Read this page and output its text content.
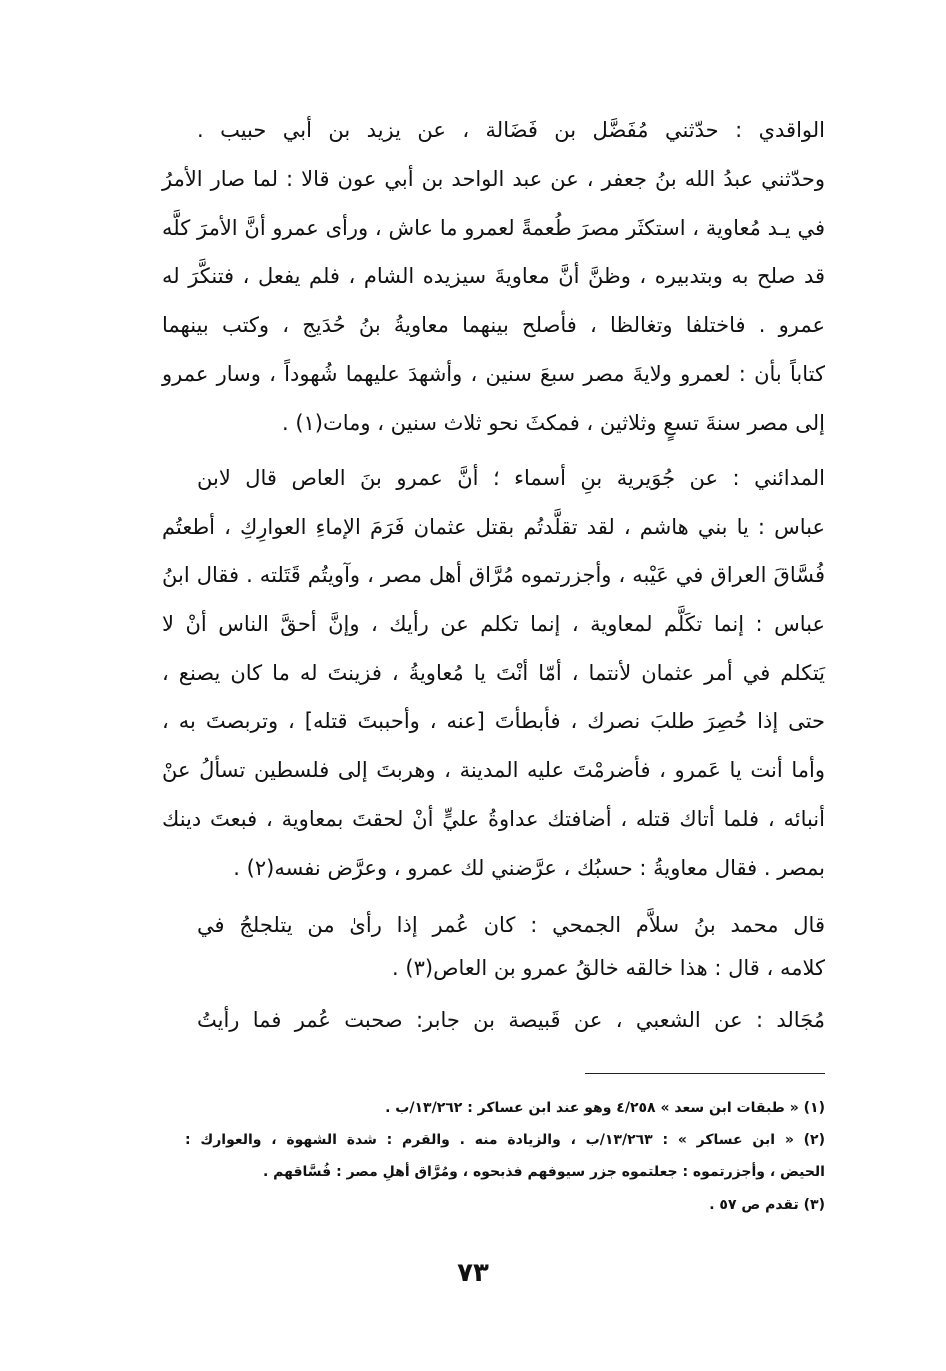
الواقدي : حدّثني مُفَضَّل بن فَضَالة ، عن يزيد بن أبي حبيب .
وحدّثني عبدُ الله بنُ جعفر ، عن عبد الواحد بن أبي عون قالا : لما صار الأمرُ
في يـد مُعاوية ، استكثَر مصرَ طُعمةً لعمرو ما عاش ، ورأى عمرو أنَّ الأمرَ كلَّه
قد صلح به وبتدبيره ، وظنَّ أنَّ معاويةَ سيزيده الشام ، فلم يفعل ، فتنكَّرَ له
عمرو . فاختلفا وتغالظا ، فأصلح بينهما معاويةُ بنُ حُدَيج ، وكتب بينهما
كتاباً بأن : لعمرو ولايةَ مصر سبعَ سنين ، وأشهدَ عليهما شُهوداً ، وسار عمرو
إلى مصر سنةَ تسعٍ وثلاثين ، فمكثَ نحو ثلاث سنين ، ومات(١) .
المدائني : عن جُوَيرية بنِ أسماء ؛ أنَّ عمرو بنَ العاص قال لابن
عباس : يا بني هاشم ، لقد تقلَّدتُم بقتل عثمان فَرَمَ الإماءِ العوارِكِ ، أطعتُم
فُسَّاقَ العراق في عَيْبه ، وأجزرتموه مُرَّاق أهل مصر ، وآويتُم قَتَلته . فقال ابنُ
عباس : إنما تكَلَّم لمعاوية ، إنما تكلم عن رأيك ، وإنَّ أحقَّ الناس أنْ لا
يَتكلم في أمر عثمان لأنتما ، أمّا أنْتَ يا مُعاويةُ ، فزينتَ له ما كان يصنع ،
حتى إذا حُصِرَ طلبَ نصرك ، فأبطأتَ [عنه ، وأحببتَ قتله] ، وتربصتَ به ،
وأما أنت يا عَمرو ، فأضرمْتَ عليه المدينة ، وهربتَ إلى فلسطين تسألُ عنْ
أنبائه ، فلما أتاك قتله ، أضافتك عداوةُ عليٍّ أنْ لحقتَ بمعاوية ، فبعتَ دينك
بمصر . فقال معاويةُ : حسبُك ، عرَّضني لك عمرو ، وعرَّض نفسه(٢) .
قال محمد بنُ سلاَّم الجمحي : كان عُمر إذا رأىٰ من يتلجلجُ في
كلامه ، قال : هذا خالقه خالقُ عمرو بن العاص(٣) .
مُجَالد : عن الشعبي ، عن قَبيصة بن جابر: صحبت عُمر فما رأيتُ
(١) « طبقات ابن سعد » ٤/٢٥٨ وهو عند ابن عساكر : ١٣/٢٦٢/ب .
(٢) « ابن عساكر » : ١٣/٢٦٣/ب ، والزيادة منه . والقرم : شدة الشهوة ، والعوارك :
الحيض ، وأجزرتموه : جعلتموه جزر سيوفهم فذبحوه ، ومُرَّاق أهلِ مصر : فُسَّاقهم .
(٣) تقدم ص ٥٧ .
٧٣
